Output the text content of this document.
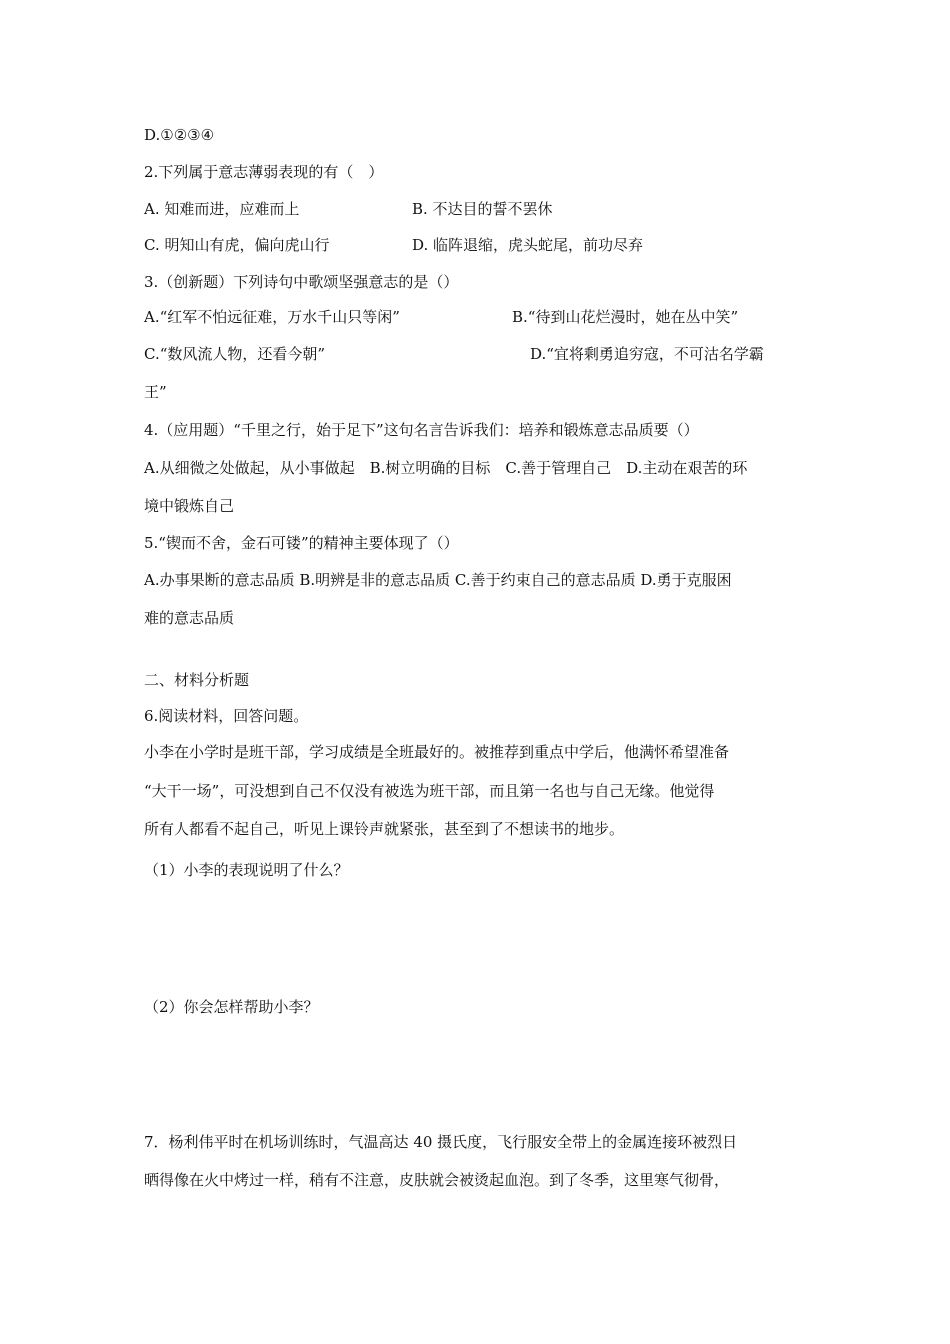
D.①②③④
2.下列属于意志薄弱表现的有（　）
A. 知难而进，应难而上	B. 不达目的誓不罢休
C. 明知山有虎，偏向虎山行	D. 临阵退缩，虎头蛇尾，前功尽弃
3.（创新题）下列诗句中歌颂坚强意志的是（）
A.“红军不怕远征难，万水千山只等闲”	B.“待到山花烂漫时，她在丛中笑”
C.“数风流人物，还看今朝”	D.“宜将剩勇追穷寇，不可沽名学霸
王”
4.（应用题）“千里之行，始于足下”这句名言告诉我们：培养和锻炼意志品质要（）
A.从细微之处做起，从小事做起　B.树立明确的目标　C.善于管理自己　D.主动在艰苦的环
境中锻炼自己
5.“锲而不舍，金石可镂”的精神主要体现了（）
A.办事果断的意志品质 B.明辨是非的意志品质 C.善于约束自己的意志品质 D.勇于克服困
难的意志品质
二、材料分析题
6.阅读材料，回答问题。
小李在小学时是班干部，学习成绩是全班最好的。被推荐到重点中学后，他满怀希望准备
“大干一场”，可没想到自己不仅没有被选为班干部，而且第一名也与自己无缘。他觉得
所有人都看不起自己，听见上课铃声就紧张，甚至到了不想读书的地步。
（1）小李的表现说明了什么？
（2）你会怎样帮助小李？
7．杨利伟平时在机场训练时，气温高达 40 摄氏度，飞行服安全带上的金属连接环被烈日
晒得像在火中烤过一样，稍有不注意，皮肤就会被烫起血泡。到了冬季，这里寒气彻骨，
